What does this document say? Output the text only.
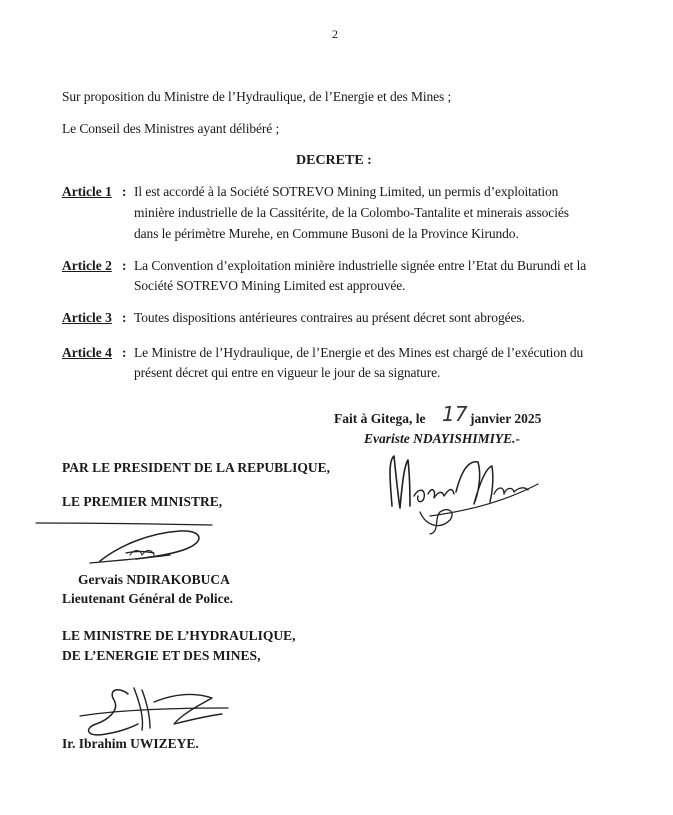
2
Sur proposition du Ministre de l’Hydraulique, de l’Energie et des Mines ;
Le Conseil des Ministres ayant délibéré ;
DECRETE :
Article 1 : Il est accordé à la Société SOTREVO Mining Limited, un permis d’exploitation
minière industrielle de la Cassitérite, de la Colombo-Tantalite et minerais associés
dans le périmètre Murehe, en Commune Busoni de la Province Kirundo.
Article 2 : La Convention d’exploitation minière industrielle signée entre l’Etat du Burundi et la
Société SOTREVO Mining Limited est approuvée.
Article 3 : Toutes dispositions antérieures contraires au présent décret sont abrogées.
Article 4 : Le Ministre de l’Hydraulique, de l’Energie et des Mines est chargé de l’exécution du
présent décret qui entre en vigueur le jour de sa signature.
Fait à Gitega, le 17 janvier 2025
Evariste NDAYISHIMIYE.-
PAR LE PRESIDENT DE LA REPUBLIQUE,
LE PREMIER MINISTRE,
Gervais NDIRAKOBUCA
Lieutenant Général de Police.
LE MINISTRE DE L’HYDRAULIQUE,
DE L’ENERGIE ET DES MINES,
Ir. Ibrahim UWIZEYE.
